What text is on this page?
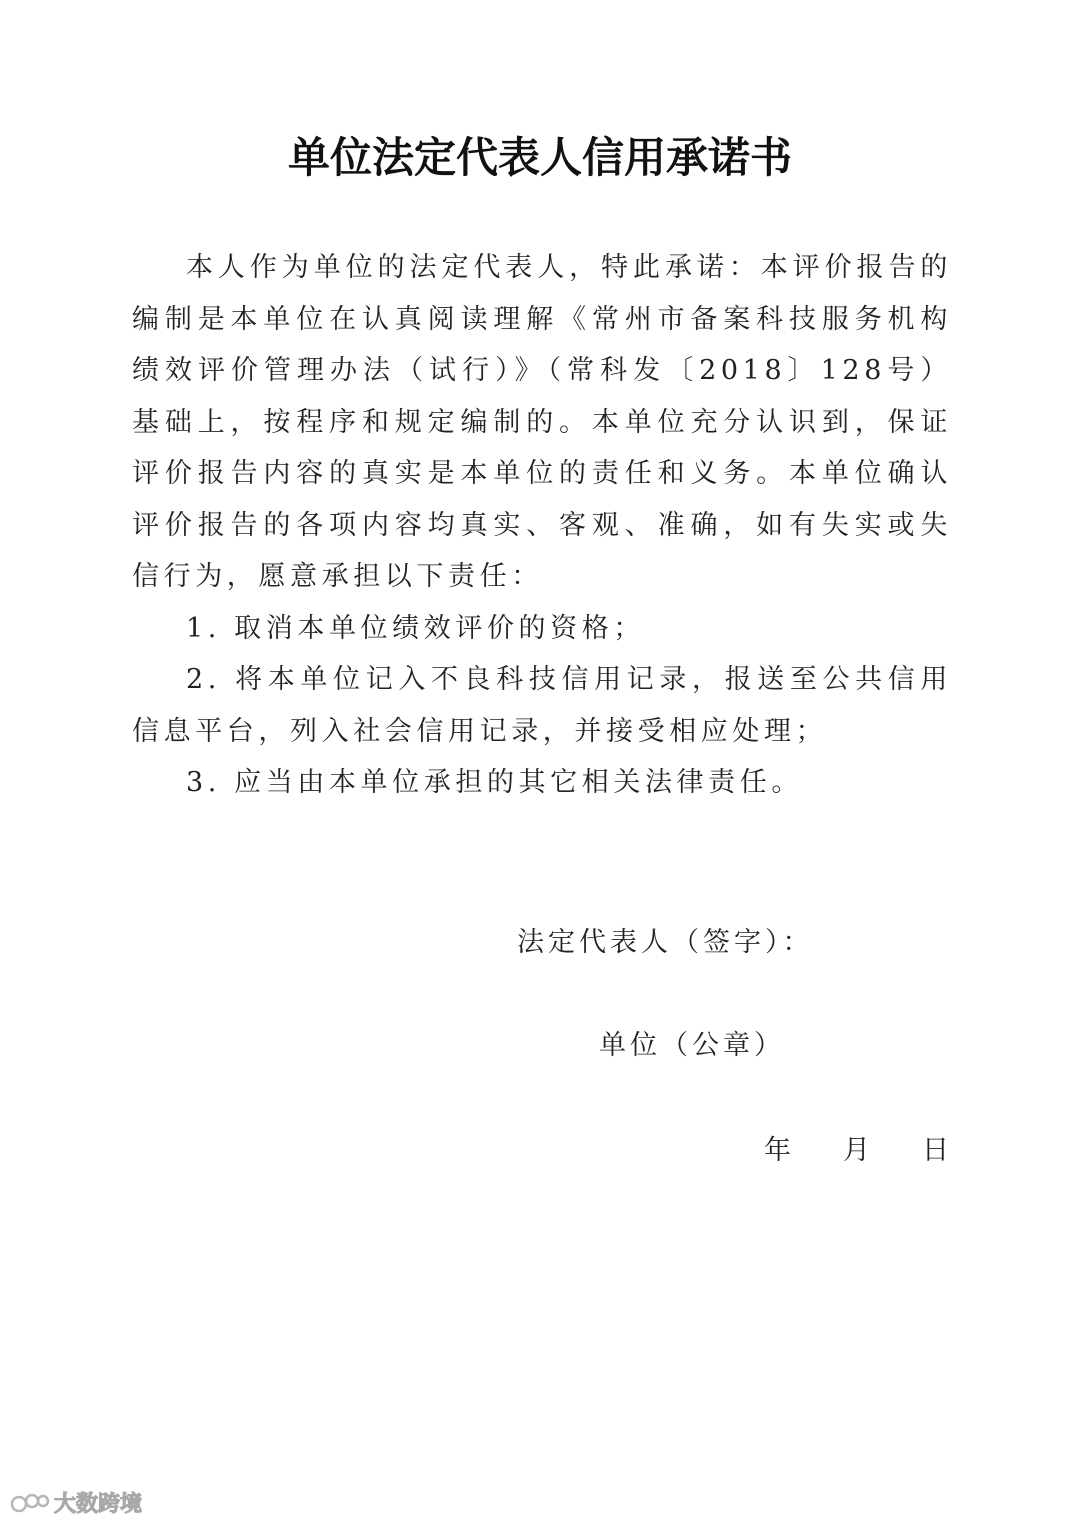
单位法定代表人信用承诺书

本人作为单位的法定代表人，特此承诺：本评价报告的编制是本单位在认真阅读理解《常州市备案科技服务机构绩效评价管理办法（试行）》（常科发〔2018〕128号）基础上，按程序和规定编制的。本单位充分认识到，保证评价报告内容的真实是本单位的责任和义务。本单位确认评价报告的各项内容均真实、客观、准确，如有失实或失信行为，愿意承担以下责任：

1. 取消本单位绩效评价的资格；

2. 将本单位记入不良科技信用记录，报送至公共信用信息平台，列入社会信用记录，并接受相应处理；

3. 应当由本单位承担的其它相关法律责任。

法定代表人（签字）：
单位（公章）
年 月 日
大数跨境
